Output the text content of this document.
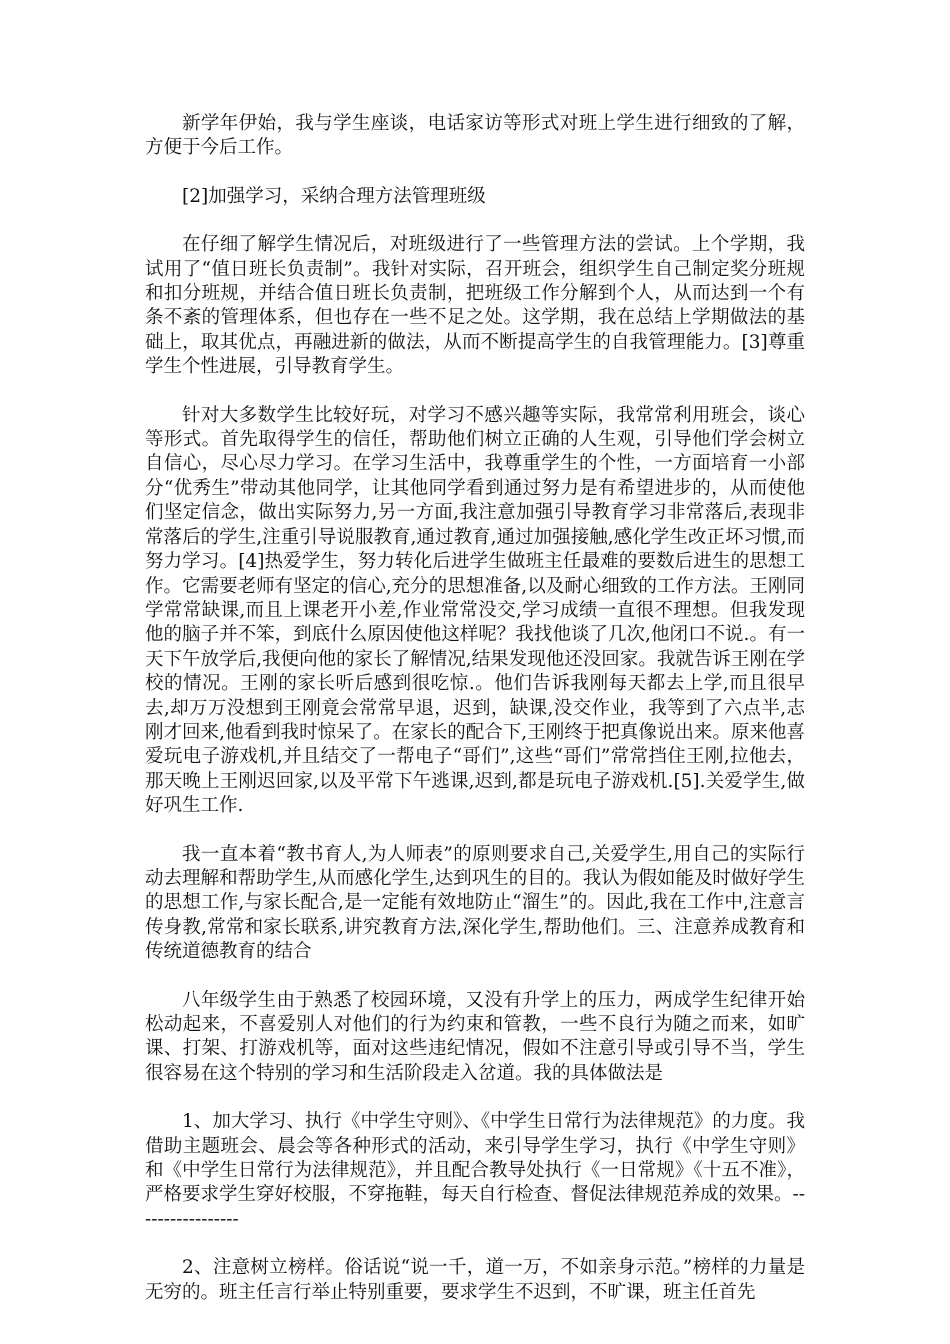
新学年伊始，我与学生座谈，电话家访等形式对班上学生进行细致的了解，方便于今后工作。

[2]加强学习，采纳合理方法管理班级

在仔细了解学生情况后，对班级进行了一些管理方法的尝试。上个学期，我试用了“值日班长负责制”。我针对实际，召开班会，组织学生自己制定奖分班规和扣分班规，并结合值日班长负责制，把班级工作分解到个人，从而达到一个有条不紊的管理体系，但也存在一些不足之处。这学期，我在总结上学期做法的基础上，取其优点，再融进新的做法，从而不断提高学生的自我管理能力。[3]尊重学生个性进展，引导教育学生。

针对大多数学生比较好玩，对学习不感兴趣等实际，我常常利用班会，谈心等形式。首先取得学生的信任，帮助他们树立正确的人生观，引导他们学会树立自信心，尽心尽力学习。在学习生活中，我尊重学生的个性，一方面培育一小部分“优秀生”带动其他同学，让其他同学看到通过努力是有希望进步的，从而使他们坚定信念，做出实际努力,另一方面,我注意加强引导教育学习非常落后,表现非常落后的学生,注重引导说服教育,通过教育,通过加强接触,感化学生改正坏习惯,而努力学习。[4]热爱学生，努力转化后进学生做班主任最难的要数后进生的思想工作。它需要老师有坚定的信心,充分的思想准备,以及耐心细致的工作方法。王刚同学常常缺课,而且上课老开小差,作业常常没交,学习成绩一直很不理想。但我发现他的脑子并不笨，到底什么原因使他这样呢？我找他谈了几次,他闭口不说.。有一天下午放学后,我便向他的家长了解情况,结果发现他还没回家。我就告诉王刚在学校的情况。王刚的家长听后感到很吃惊.。他们告诉我刚每天都去上学,而且很早去,却万万没想到王刚竟会常常早退，迟到，缺课,没交作业，我等到了六点半,志刚才回来,他看到我时惊呆了。在家长的配合下,王刚终于把真像说出来。原来他喜爱玩电子游戏机,并且结交了一帮电子“哥们”,这些“哥们”常常挡住王刚,拉他去，那天晚上王刚迟回家,以及平常下午逃课,迟到,都是玩电子游戏机.[5].关爱学生,做好巩生工作.

我一直本着“教书育人,为人师表”的原则要求自己,关爱学生,用自己的实际行动去理解和帮助学生,从而感化学生,达到巩生的目的。我认为假如能及时做好学生的思想工作,与家长配合,是一定能有效地防止“溜生”的。因此,我在工作中,注意言传身教,常常和家长联系,讲究教育方法,深化学生,帮助他们。三、注意养成教育和传统道德教育的结合

八年级学生由于熟悉了校园环境，又没有升学上的压力，两成学生纪律开始松动起来，不喜爱别人对他们的行为约束和管教，一些不良行为随之而来，如旷课、打架、打游戏机等，面对这些违纪情况，假如不注意引导或引导不当，学生很容易在这个特别的学习和生活阶段走入岔道。我的具体做法是

1、加大学习、执行《中学生守则》、《中学生日常行为法律规范》的力度。我借助主题班会、晨会等各种形式的活动，来引导学生学习，执行《中学生守则》和《中学生日常行为法律规范》，并且配合教导处执行《一日常规》《十五不准》，严格要求学生穿好校服，不穿拖鞋，每天自行检查、督促法律规范养成的效果。-----------------

2、注意树立榜样。俗话说“说一千，道一万，不如亲身示范。”榜样的力量是无穷的。班主任言行举止特别重要，要求学生不迟到，不旷课，班主任首先
